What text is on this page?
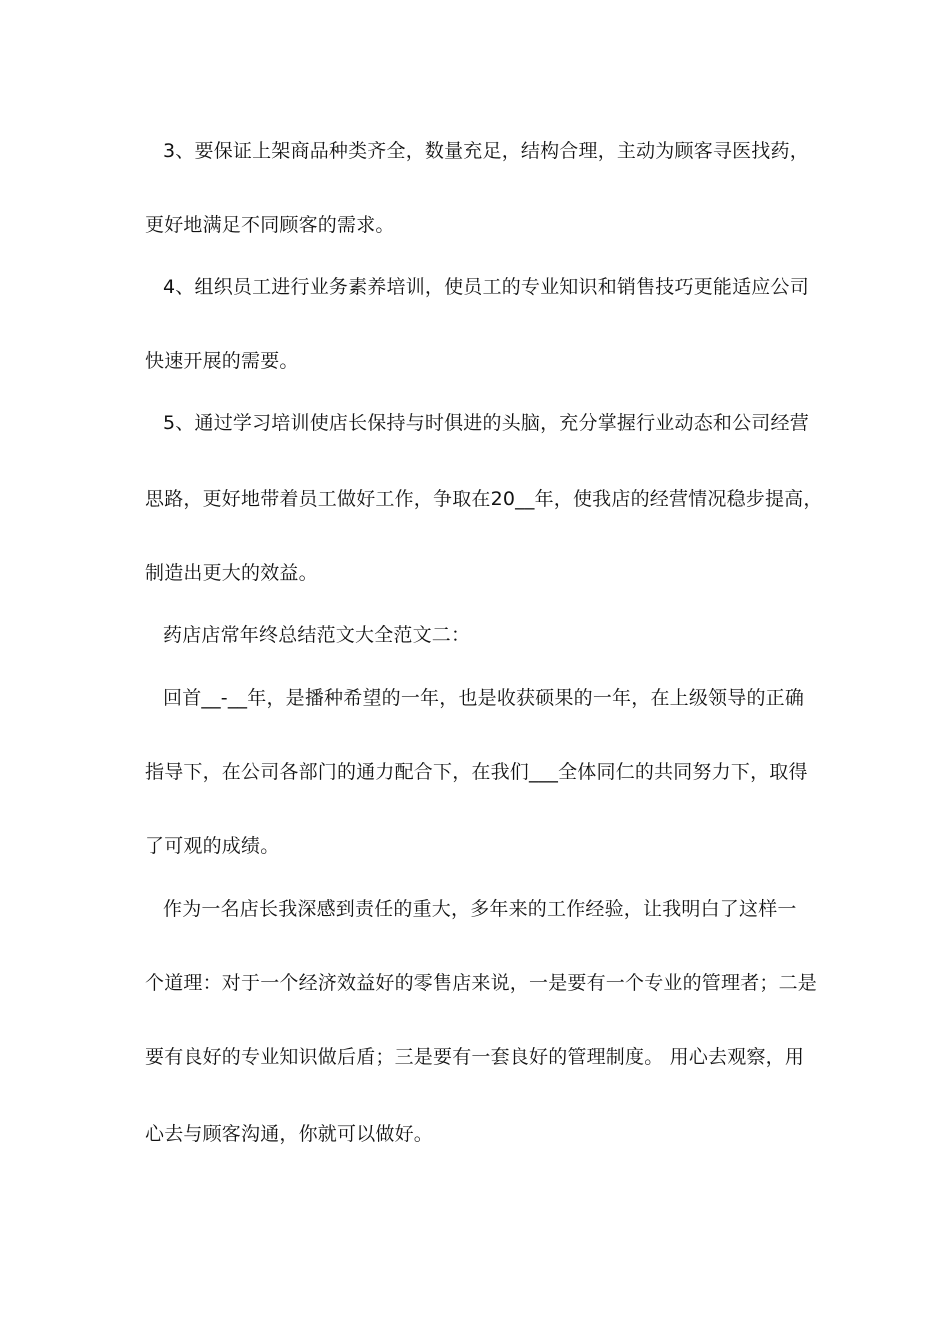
3、要保证上架商品种类齐全，数量充足，结构合理，主动为顾客寻医找药，
更好地满足不同顾客的需求。
4、组织员工进行业务素养培训，使员工的专业知识和销售技巧更能适应公司
快速开展的需要。
5、通过学习培训使店长保持与时俱进的头脑，充分掌握行业动态和公司经营
思路，更好地带着员工做好工作，争取在20__年，使我店的经营情况稳步提高，
制造出更大的效益。
药店店常年终总结范文大全范文二：
回首__-__年，是播种希望的一年，也是收获硕果的一年，在上级领导的正确
指导下，在公司各部门的通力配合下，在我们___全体同仁的共同努力下，取得
了可观的成绩。
作为一名店长我深感到责任的重大，多年来的工作经验，让我明白了这样一
个道理：对于一个经济效益好的零售店来说，一是要有一个专业的管理者；二是
要有良好的专业知识做后盾；三是要有一套良好的管理制度。 用心去观察，用
心去与顾客沟通，你就可以做好。
